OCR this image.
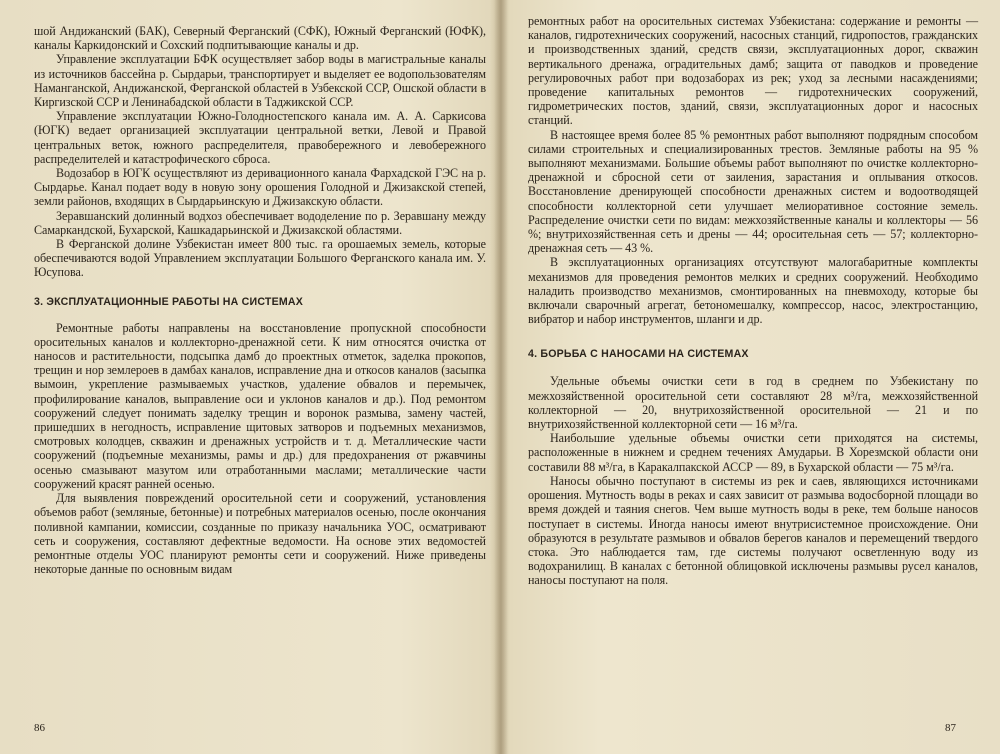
шой Андижанский (БАК), Северный Ферганский (СФК), Южный Ферганский (ЮФК), каналы Каркидонский и Сохский подпитывающие каналы и др.

Управление эксплуатации БФК осуществляет забор воды в магистральные каналы из источников бассейна р. Сырдарьи, транспортирует и выделяет ее водопользователям Наманганской, Андижанской, Ферганской областей в Узбекской ССР, Ошской области в Киргизской ССР и Ленинабадской области в Таджикской ССР.

Управление эксплуатации Южно-Голодностепского канала им. А. А. Саркисова (ЮГК) ведает организацией эксплуатации центральной ветки, Левой и Правой центральных веток, южного распределителя, правобережного и левобережного распределителей и катастрофического сброса.

Водозабор в ЮГК осуществляют из деривационного канала Фархадской ГЭС на р. Сырдарье. Канал подает воду в новую зону орошения Голодной и Джизакской степей, земли районов, входящих в Сырдарьинскую и Джизакскую области.

Зеравшанский долинный водхоз обеспечивает вододеление по р. Зеравшану между Самаркандской, Бухарской, Кашкадарьинской и Джизакской областями.

В Ферганской долине Узбекистан имеет 800 тыс. га орошаемых земель, которые обеспечиваются водой Управлением эксплуатации Большого Ферганского канала им. У. Юсупова.

3. ЭКСПЛУАТАЦИОННЫЕ РАБОТЫ НА СИСТЕМАХ

Ремонтные работы направлены на восстановление пропускной способности оросительных каналов и коллекторно-дренажной сети. К ним относятся очистка от наносов и растительности, подсыпка дамб до проектных отметок, заделка прокопов, трещин и нор землероев в дамбах каналов, исправление дна и откосов каналов (засыпка вымоин, укрепление размываемых участков, удаление обвалов и перемычек, профилирование каналов, выправление оси и уклонов каналов и др.). Под ремонтом сооружений следует понимать заделку трещин и воронок размыва, замену частей, пришедших в негодность, исправление щитовых затворов и подъемных механизмов, смотровых колодцев, скважин и дренажных устройств и т. д. Металлические части сооружений (подъемные механизмы, рамы и др.) для предохранения от ржавчины осенью смазывают мазутом или отработанными маслами; металлические части сооружений красят ранней осенью.

Для выявления повреждений оросительной сети и сооружений, установления объемов работ (земляные, бетонные) и потребных материалов осенью, после окончания поливной кампании, комиссии, созданные по приказу начальника УОС, осматривают сеть и сооружения, составляют дефектные ведомости. На основе этих ведомостей ремонтные отделы УОС планируют ремонты сети и сооружений. Ниже приведены некоторые данные по основным видам

86

ремонтных работ на оросительных системах Узбекистана: содержание и ремонты — каналов, гидротехнических сооружений, насосных станций, гидропостов, гражданских и производственных зданий, средств связи, эксплуатационных дорог, скважин вертикального дренажа, оградительных дамб; защита от паводков и проведение регулировочных работ при водозаборах из рек; уход за лесными насаждениями; проведение капитальных ремонтов — гидротехнических сооружений, гидрометрических постов, зданий, связи, эксплуатационных дорог и насосных станций.

В настоящее время более 85 % ремонтных работ выполняют подрядным способом силами строительных и специализированных трестов. Земляные работы на 95 % выполняют механизмами. Большие объемы работ выполняют по очистке коллекторно-дренажной и сбросной сети от заиления, зарастания и оплывания откосов. Восстановление дренирующей способности дренажных систем и водоотводящей способности коллекторной сети улучшает мелиоративное состояние земель. Распределение очистки сети по видам: межхозяйственные каналы и коллекторы — 56 %; внутрихозяйственная сеть и дрены — 44; оросительная сеть — 57; коллекторно-дренажная сеть — 43 %.

В эксплуатационных организациях отсутствуют малогабаритные комплекты механизмов для проведения ремонтов мелких и средних сооружений. Необходимо наладить производство механизмов, смонтированных на пневмоходу, которые бы включали сварочный агрегат, бетономешалку, компрессор, насос, электростанцию, вибратор и набор инструментов, шланги и др.

4. БОРЬБА С НАНОСАМИ НА СИСТЕМАХ

Удельные объемы очистки сети в год в среднем по Узбекистану по межхозяйственной оросительной сети составляют 28 м³/га, межхозяйственной коллекторной — 20, внутрихозяйственной оросительной — 21 и по внутрихозяйственной коллекторной сети — 16 м³/га.

Наибольшие удельные объемы очистки сети приходятся на системы, расположенные в нижнем и среднем течениях Амударьи. В Хорезмской области они составили 88 м³/га, в Каракалпакской АССР — 89, в Бухарской области — 75 м³/га.

Наносы обычно поступают в системы из рек и саев, являющихся источниками орошения. Мутность воды в реках и саях зависит от размыва водосборной площади во время дождей и таяния снегов. Чем выше мутность воды в реке, тем больше наносов поступает в системы. Иногда наносы имеют внутрисистемное происхождение. Они образуются в результате размывов и обвалов берегов каналов и перемещений твердого стока. Это наблюдается там, где системы получают осветленную воду из водохранилищ. В каналах с бетонной облицовкой исключены размывы русел каналов, наносы поступают на поля.

87
